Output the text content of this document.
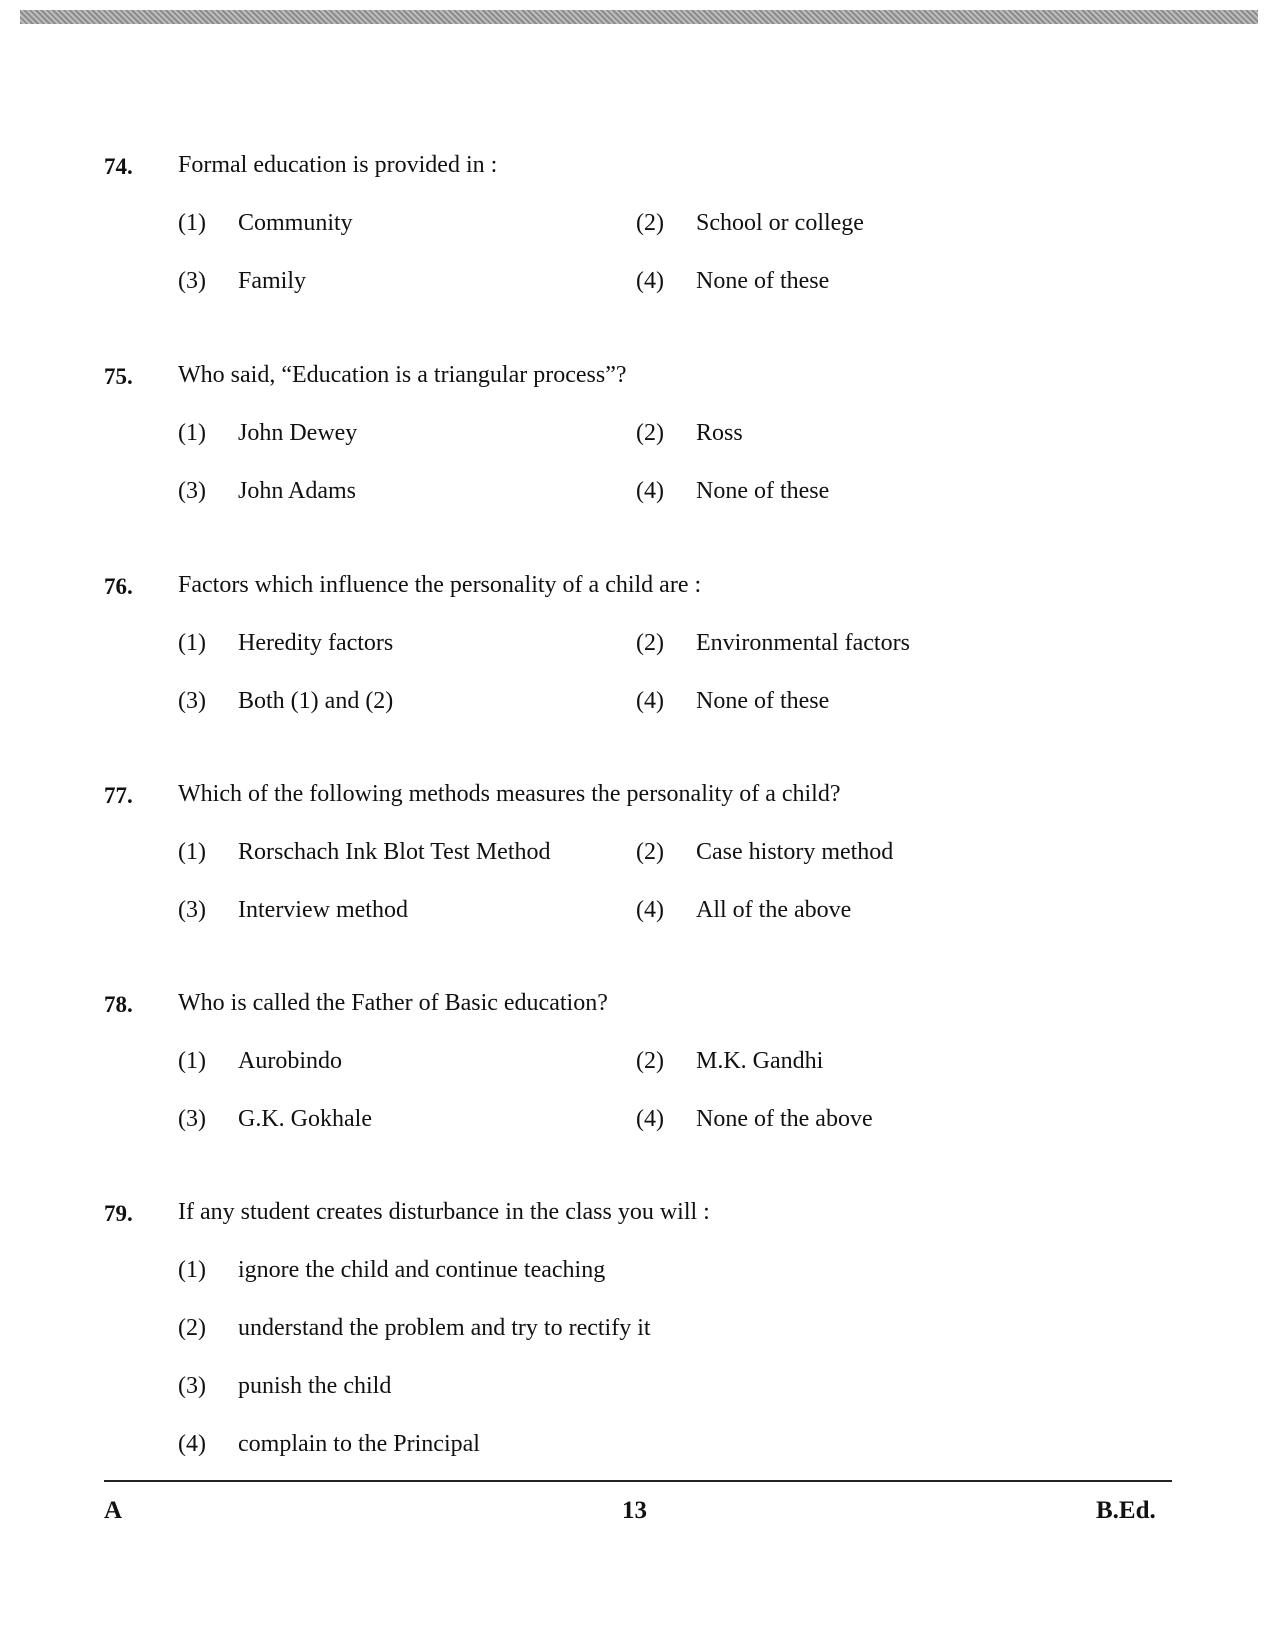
74. Formal education is provided in :
(1) Community	(2) School or college
(3) Family	(4) None of these
75. Who said, “Education is a triangular process”?
(1) John Dewey	(2) Ross
(3) John Adams	(4) None of these
76. Factors which influence the personality of a child are :
(1) Heredity factors	(2) Environmental factors
(3) Both (1) and (2)	(4) None of these
77. Which of the following methods measures the personality of a child?
(1) Rorschach Ink Blot Test Method	(2) Case history method
(3) Interview method	(4) All of the above
78. Who is called the Father of Basic education?
(1) Aurobindo	(2) M.K. Gandhi
(3) G.K. Gokhale	(4) None of the above
79. If any student creates disturbance in the class you will :
(1) ignore the child and continue teaching
(2) understand the problem and try to rectify it
(3) punish the child
(4) complain to the Principal
A	13	B.Ed.
